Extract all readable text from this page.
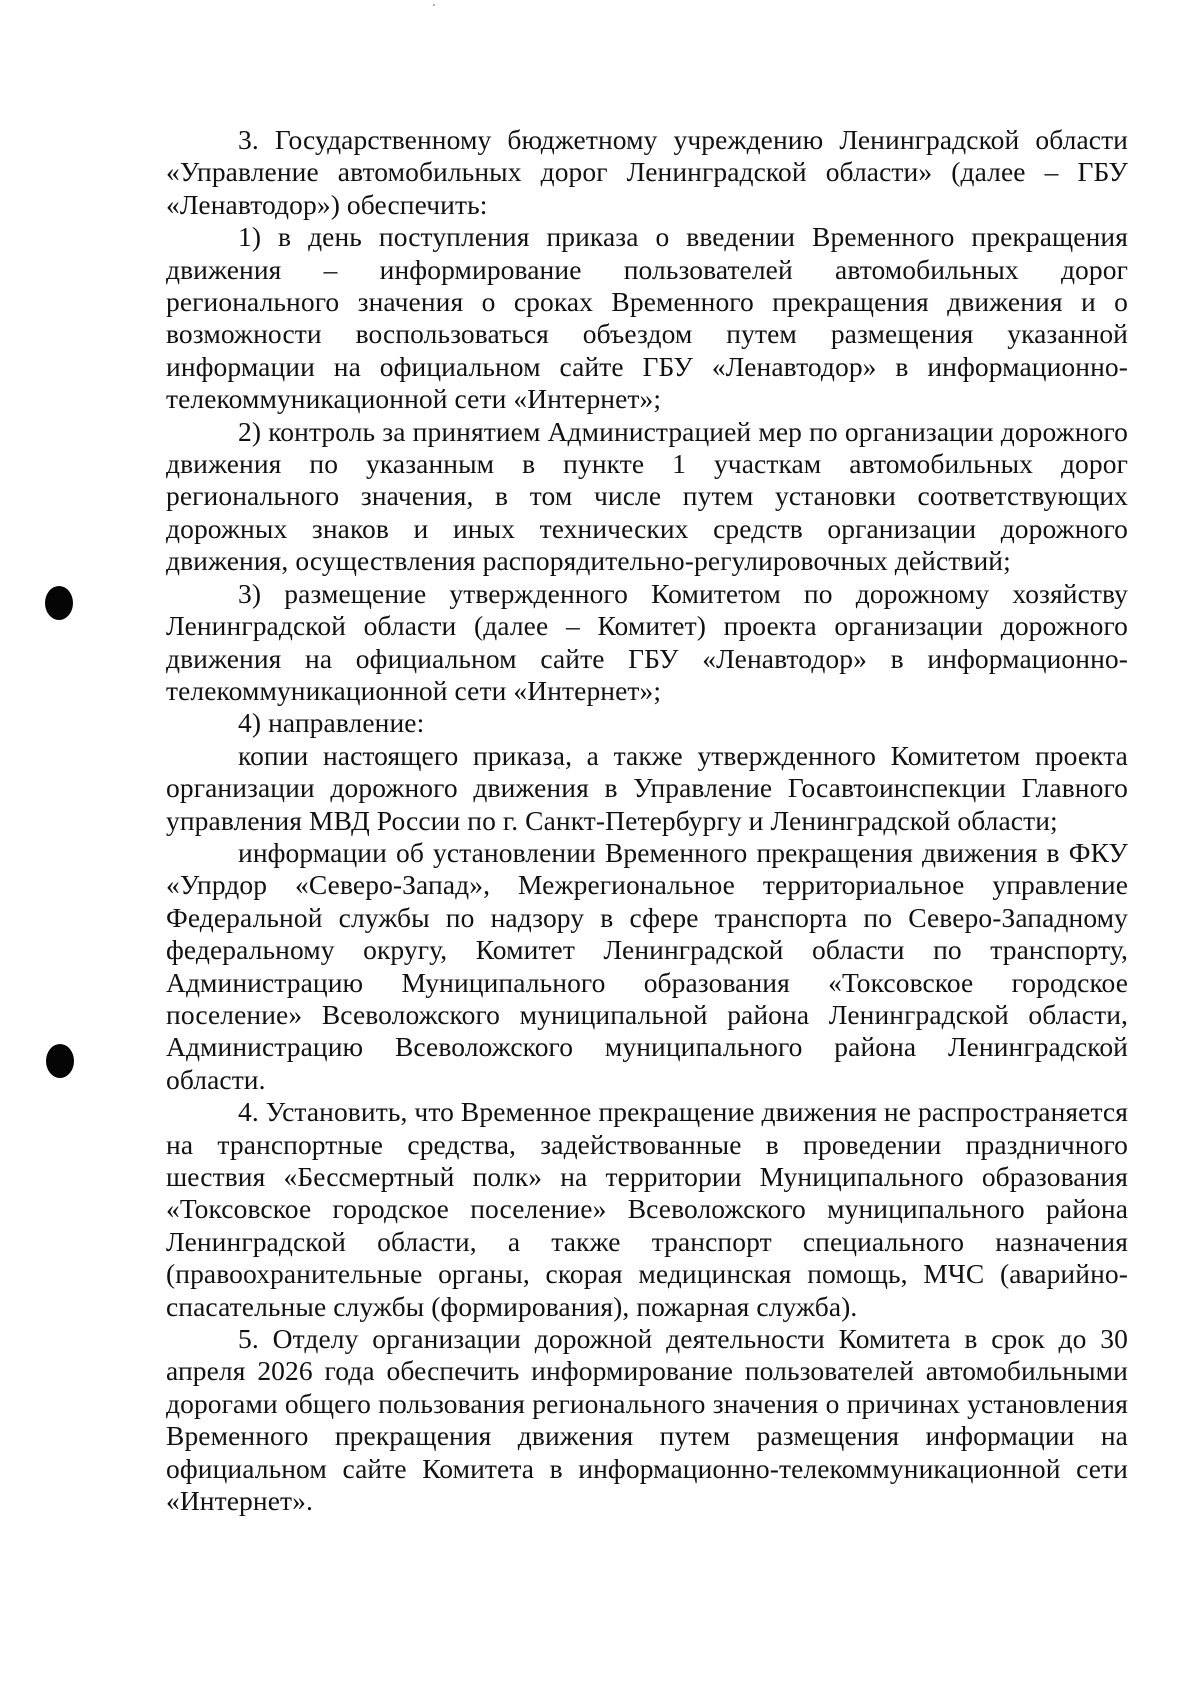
3. Государственному бюджетному учреждению Ленинградской области «Управление автомобильных дорог Ленинградской области» (далее – ГБУ «Ленавтодор») обеспечить:

1) в день поступления приказа о введении Временного прекращения движения – информирование пользователей автомобильных дорог регионального значения о сроках Временного прекращения движения и о возможности воспользоваться объездом путем размещения указанной информации на официальном сайте ГБУ «Ленавтодор» в информационно-телекоммуникационной сети «Интернет»;

2) контроль за принятием Администрацией мер по организации дорожного движения по указанным в пункте 1 участкам автомобильных дорог регионального значения, в том числе путем установки соответствующих дорожных знаков и иных технических средств организации дорожного движения, осуществления распорядительно-регулировочных действий;

3) размещение утвержденного Комитетом по дорожному хозяйству Ленинградской области (далее – Комитет) проекта организации дорожного движения на официальном сайте ГБУ «Ленавтодор» в информационно-телекоммуникационной сети «Интернет»;

4) направление:

копии настоящего приказа, а также утвержденного Комитетом проекта организации дорожного движения в Управление Госавтоинспекции Главного управления МВД России по г. Санкт-Петербургу и Ленинградской области;

информации об установлении Временного прекращения движения в ФКУ «Упрдор «Северо-Запад», Межрегиональное территориальное управление Федеральной службы по надзору в сфере транспорта по Северо-Западному федеральному округу, Комитет Ленинградской области по транспорту, Администрацию Муниципального образования «Токсовское городское поселение» Всеволожского муниципальной района Ленинградской области, Администрацию Всеволожского муниципального района Ленинградской области.

4. Установить, что Временное прекращение движения не распространяется на транспортные средства, задействованные в проведении праздничного шествия «Бессмертный полк» на территории Муниципального образования «Токсовское городское поселение» Всеволожского муниципального района Ленинградской области, а также транспорт специального назначения (правоохранительные органы, скорая медицинская помощь, МЧС (аварийно-спасательные службы (формирования), пожарная служба).

5. Отделу организации дорожной деятельности Комитета в срок до 30 апреля 2026 года обеспечить информирование пользователей автомобильными дорогами общего пользования регионального значения о причинах установления Временного прекращения движения путем размещения информации на официальном сайте Комитета в информационно-телекоммуникационной сети «Интернет».
